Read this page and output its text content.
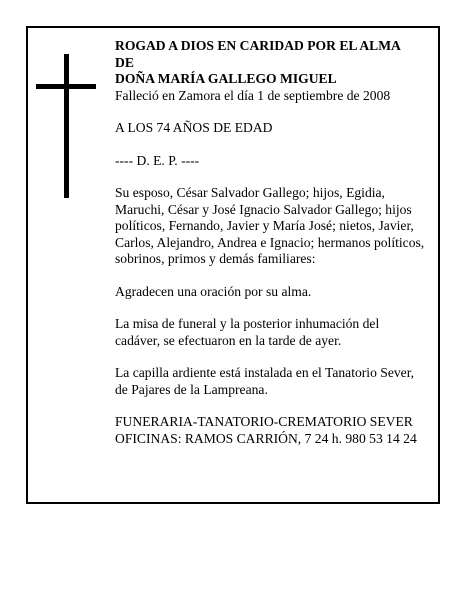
ROGAD A DIOS EN CARIDAD POR EL ALMA

DE

DOÑA MARÍA GALLEGO MIGUEL

Falleció en Zamora el día 1 de septiembre de 2008

A LOS 74 AÑOS DE EDAD

---- D. E. P. ----

Su esposo, César Salvador Gallego; hijos, Egidia, Maruchi, César y José Ignacio Salvador Gallego; hijos políticos, Fernando, Javier y María José; nietos, Javier, Carlos, Alejandro, Andrea e Ignacio; hermanos políticos, sobrinos, primos y demás familiares:

Agradecen una oración por su alma.

La misa de funeral y la posterior inhumación del cadáver, se efectuaron en la tarde de ayer.

La capilla ardiente está instalada en el Tanatorio Sever, de Pajares de la Lampreana.

FUNERARIA-TANATORIO-CREMATORIO SEVER

OFICINAS: RAMOS CARRIÓN, 7 24 h. 980 53 14 24
